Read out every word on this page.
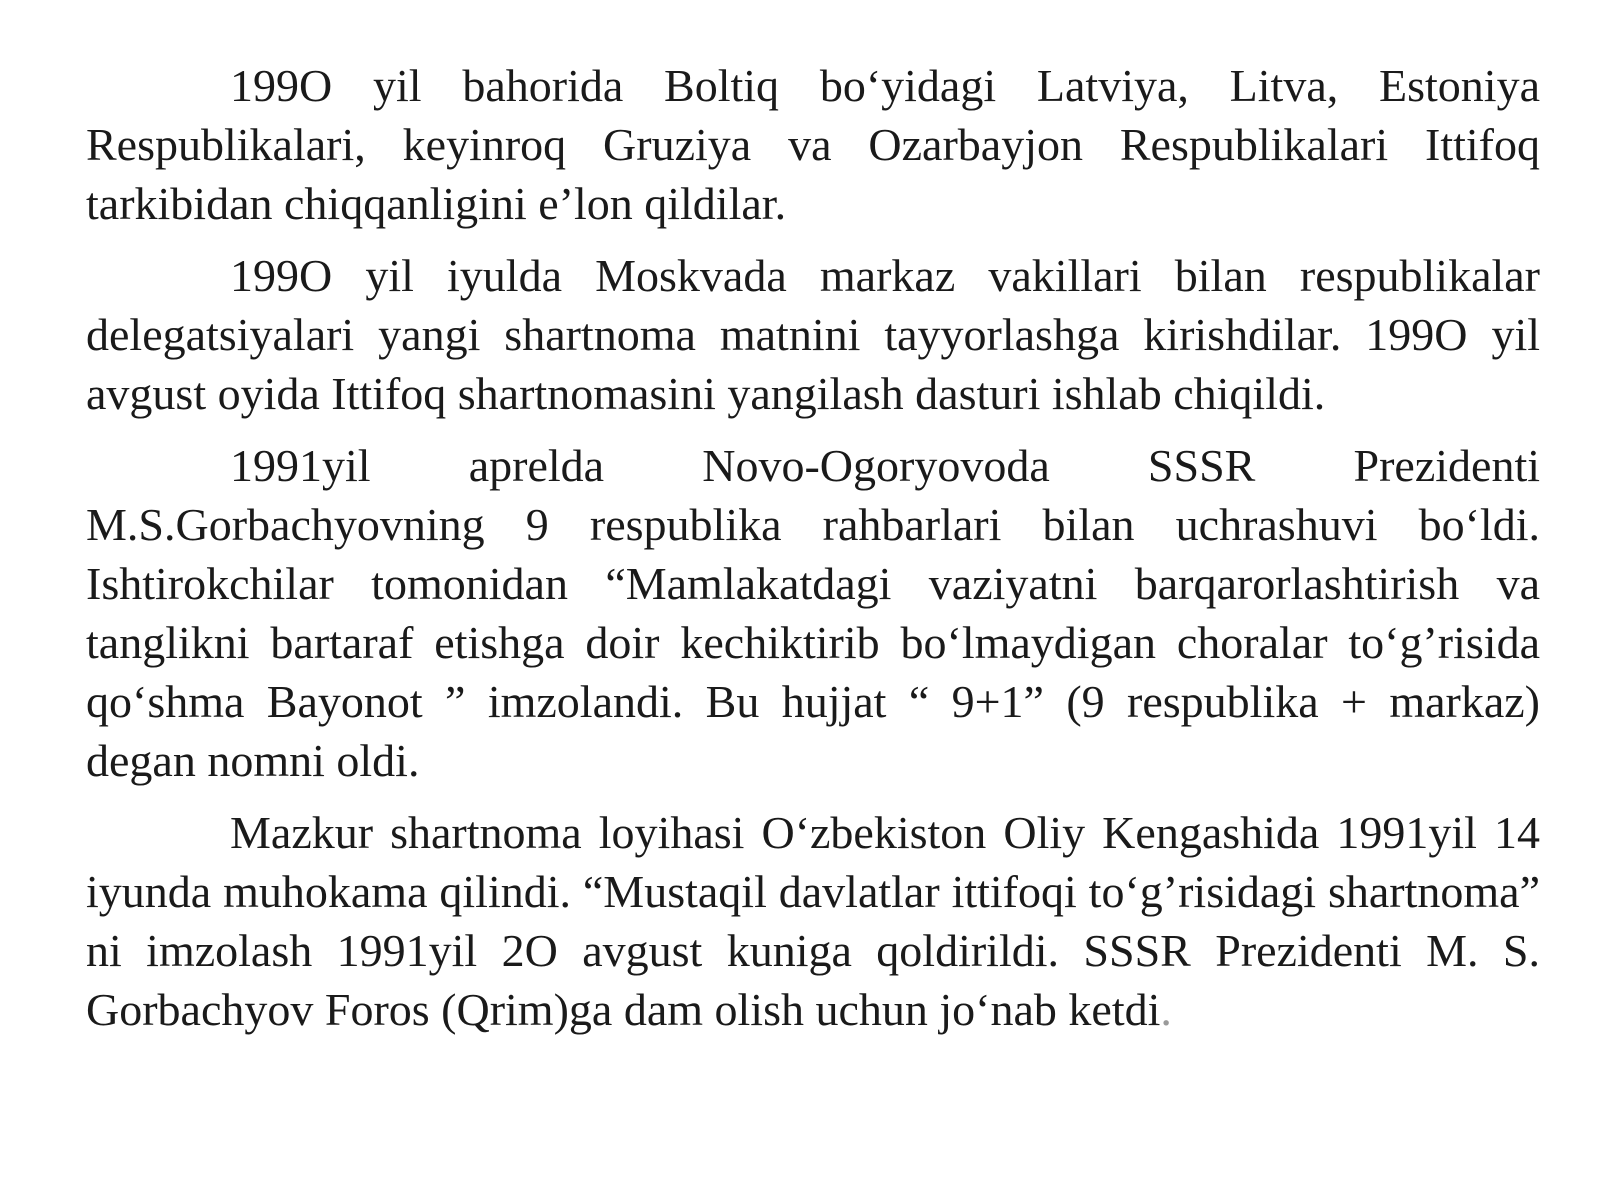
199O yil bahorida Boltiq bo‘yidagi Latviya, Litva, Estoniya Respublikalari, keyinroq Gruziya va Ozarbayjon Respublikalari Ittifoq tarkibidan chiqqanligini e’lon qildilar.

199O yil iyulda Moskvada markaz vakillari bilan respublikalar delegatsiyalari yangi shartnoma matnini tayyorlashga kirishdilar. 199O yil avgust oyida Ittifoq shartnomasini yangilash dasturi ishlab chiqildi.

1991yil aprelda Novo-Ogoryovoda SSSR Prezidenti M.S.Gorbachyovning 9 respublika rahbarlari bilan uchrashuvi bo‘ldi. Ishtirokchilar tomonidan “Mamlakatdagi vaziyatni barqarorlashtirish va tanglikni bartaraf etishga doir kechiktirib bo‘lmaydigan choralar to‘g’risida qo‘shma Bayonot ” imzolandi. Bu hujjat “ 9+1” (9 respublika + markaz) degan nomni oldi.

Mazkur shartnoma loyihasi O‘zbekiston Oliy Kengashida 1991yil 14 iyunda muhokama qilindi. “Mustaqil davlatlar ittifoqi to‘g’risidagi shartnoma” ni imzolash 1991yil 2O avgust kuniga qoldirildi. SSSR Prezidenti M. S. Gorbachyov Foros (Qrim)ga dam olish uchun jo‘nab ketdi.
